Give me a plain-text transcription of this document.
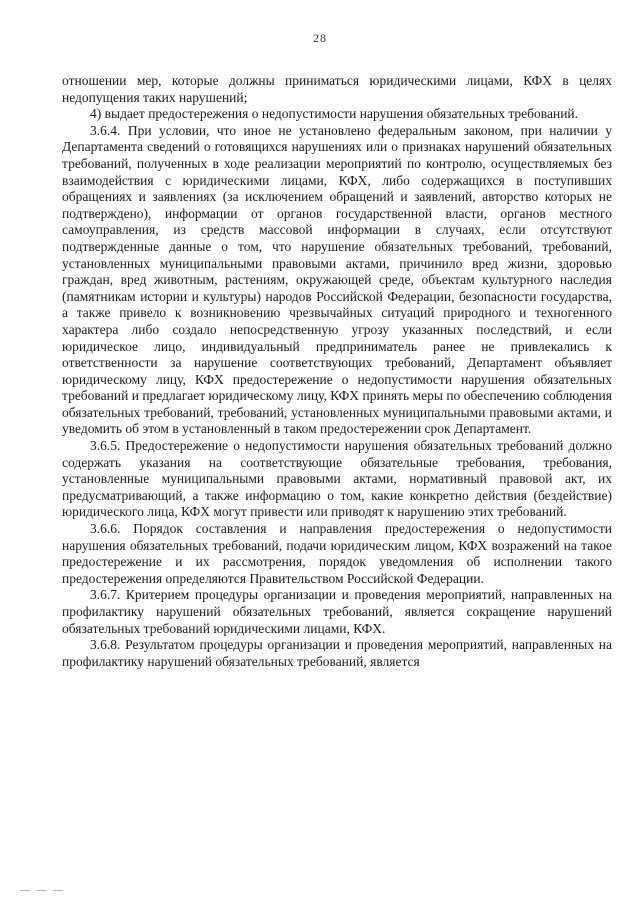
28

отношении мер, которые должны приниматься юридическими лицами, КФХ в целях недопущения таких нарушений;

4) выдает предостережения о недопустимости нарушения обязательных требований.

3.6.4. При условии, что иное не установлено федеральным законом, при наличии у Департамента сведений о готовящихся нарушениях или о признаках нарушений обязательных требований, полученных в ходе реализации мероприятий по контролю, осуществляемых без взаимодействия с юридическими лицами, КФХ, либо содержащихся в поступивших обращениях и заявлениях (за исключением обращений и заявлений, авторство которых не подтверждено), информации от органов государственной власти, органов местного самоуправления, из средств массовой информации в случаях, если отсутствуют подтвержденные данные о том, что нарушение обязательных требований, требований, установленных муниципальными правовыми актами, причинило вред жизни, здоровью граждан, вред животным, растениям, окружающей среде, объектам культурного наследия (памятникам истории и культуры) народов Российской Федерации, безопасности государства, а также привело к возникновению чрезвычайных ситуаций природного и техногенного характера либо создало непосредственную угрозу указанных последствий, и если юридическое лицо, индивидуальный предприниматель ранее не привлекались к ответственности за нарушение соответствующих требований, Департамент объявляет юридическому лицу, КФХ предостережение о недопустимости нарушения обязательных требований и предлагает юридическому лицу, КФХ принять меры по обеспечению соблюдения обязательных требований, требований, установленных муниципальными правовыми актами, и уведомить об этом в установленный в таком предостережении срок Департамент.

3.6.5. Предостережение о недопустимости нарушения обязательных требований должно содержать указания на соответствующие обязательные требования, требования, установленные муниципальными правовыми актами, нормативный правовой акт, их предусматривающий, а также информацию о том, какие конкретно действия (бездействие) юридического лица, КФХ могут привести или приводят к нарушению этих требований.

3.6.6. Порядок составления и направления предостережения о недопустимости нарушения обязательных требований, подачи юридическим лицом, КФХ возражений на такое предостережение и их рассмотрения, порядок уведомления об исполнении такого предостережения определяются Правительством Российской Федерации.

3.6.7. Критерием процедуры организации и проведения мероприятий, направленных на профилактику нарушений обязательных требований, является сокращение нарушений обязательных требований юридическими лицами, КФХ.

3.6.8. Результатом процедуры организации и проведения мероприятий, направленных на профилактику нарушений обязательных требований, является

— — —
